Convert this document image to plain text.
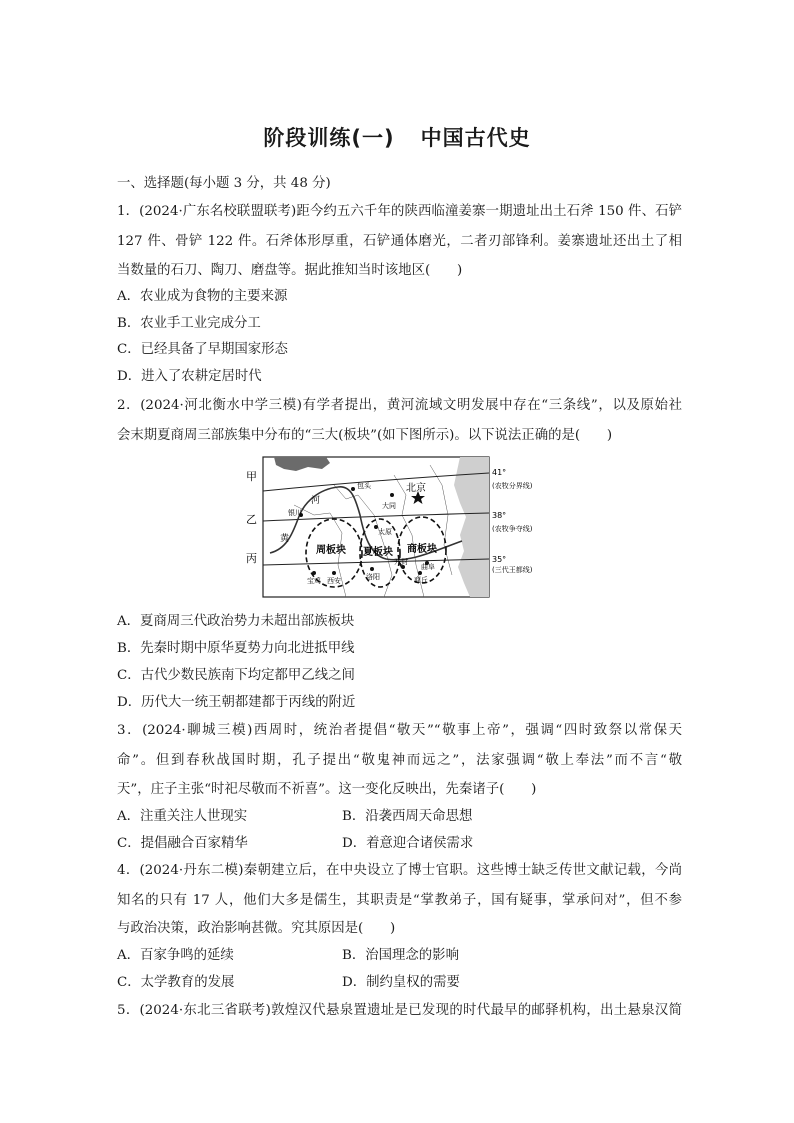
阶段训练(一) 中国古代史
一、选择题(每小题 3 分，共 48 分)
1．(2024·广东名校联盟联考)距今约五六千年的陕西临潼姜寨一期遗址出土石斧 150 件、石铲
127 件、骨铲 122 件。石斧体形厚重，石铲通体磨光，二者刃部锋利。姜寨遗址还出土了相
当数量的石刀、陶刀、磨盘等。据此推知当时该地区(　　)
A．农业成为食物的主要来源
B．农业手工业完成分工
C．已经具备了早期国家形态
D．进入了农耕定居时代
2．(2024·河北衡水中学三模)有学者提出，黄河流域文明发展中存在“三条线”，以及原始社
会末期夏商周三部族集中分布的“三大(板块”(如下图所示)。以下说法正确的是(　　)
甲
乙
丙
41°
(农牧分界线)
38°
(农牧争夺线)
35°
(三代王都线)
周板块 夏板块 商板块
包头	北京
大同
银川
太原
开封
曲阜
宝鸡 西安	洛阳	商丘
河
黄
A．夏商周三代政治势力未超出部族板块
B．先秦时期中原华夏势力向北进抵甲线
C．古代少数民族南下均定都甲乙线之间
D．历代大一统王朝都建都于丙线的附近
3．(2024·聊城三模)西周时，统治者提倡“敬天”“敬事上帝”，强调“四时致祭以常保天
命”。但到春秋战国时期，孔子提出“敬鬼神而远之”，法家强调“敬上奉法”而不言“敬
天”，庄子主张“时祀尽敬而不祈喜”。这一变化反映出，先秦诸子(　　)
A．注重关注人世现实	B．沿袭西周天命思想
C．提倡融合百家精华	D．着意迎合诸侯需求
4．(2024·丹东二模)秦朝建立后，在中央设立了博士官职。这些博士缺乏传世文献记载，今尚
知名的只有 17 人，他们大多是儒生，其职责是“掌教弟子，国有疑事，掌承问对”，但不参
与政治决策，政治影响甚微。究其原因是(　　)
A．百家争鸣的延续	B．治国理念的影响
C．太学教育的发展	D．制约皇权的需要
5．(2024·东北三省联考)敦煌汉代悬泉置遗址是已发现的时代最早的邮驿机构，出土悬泉汉简
